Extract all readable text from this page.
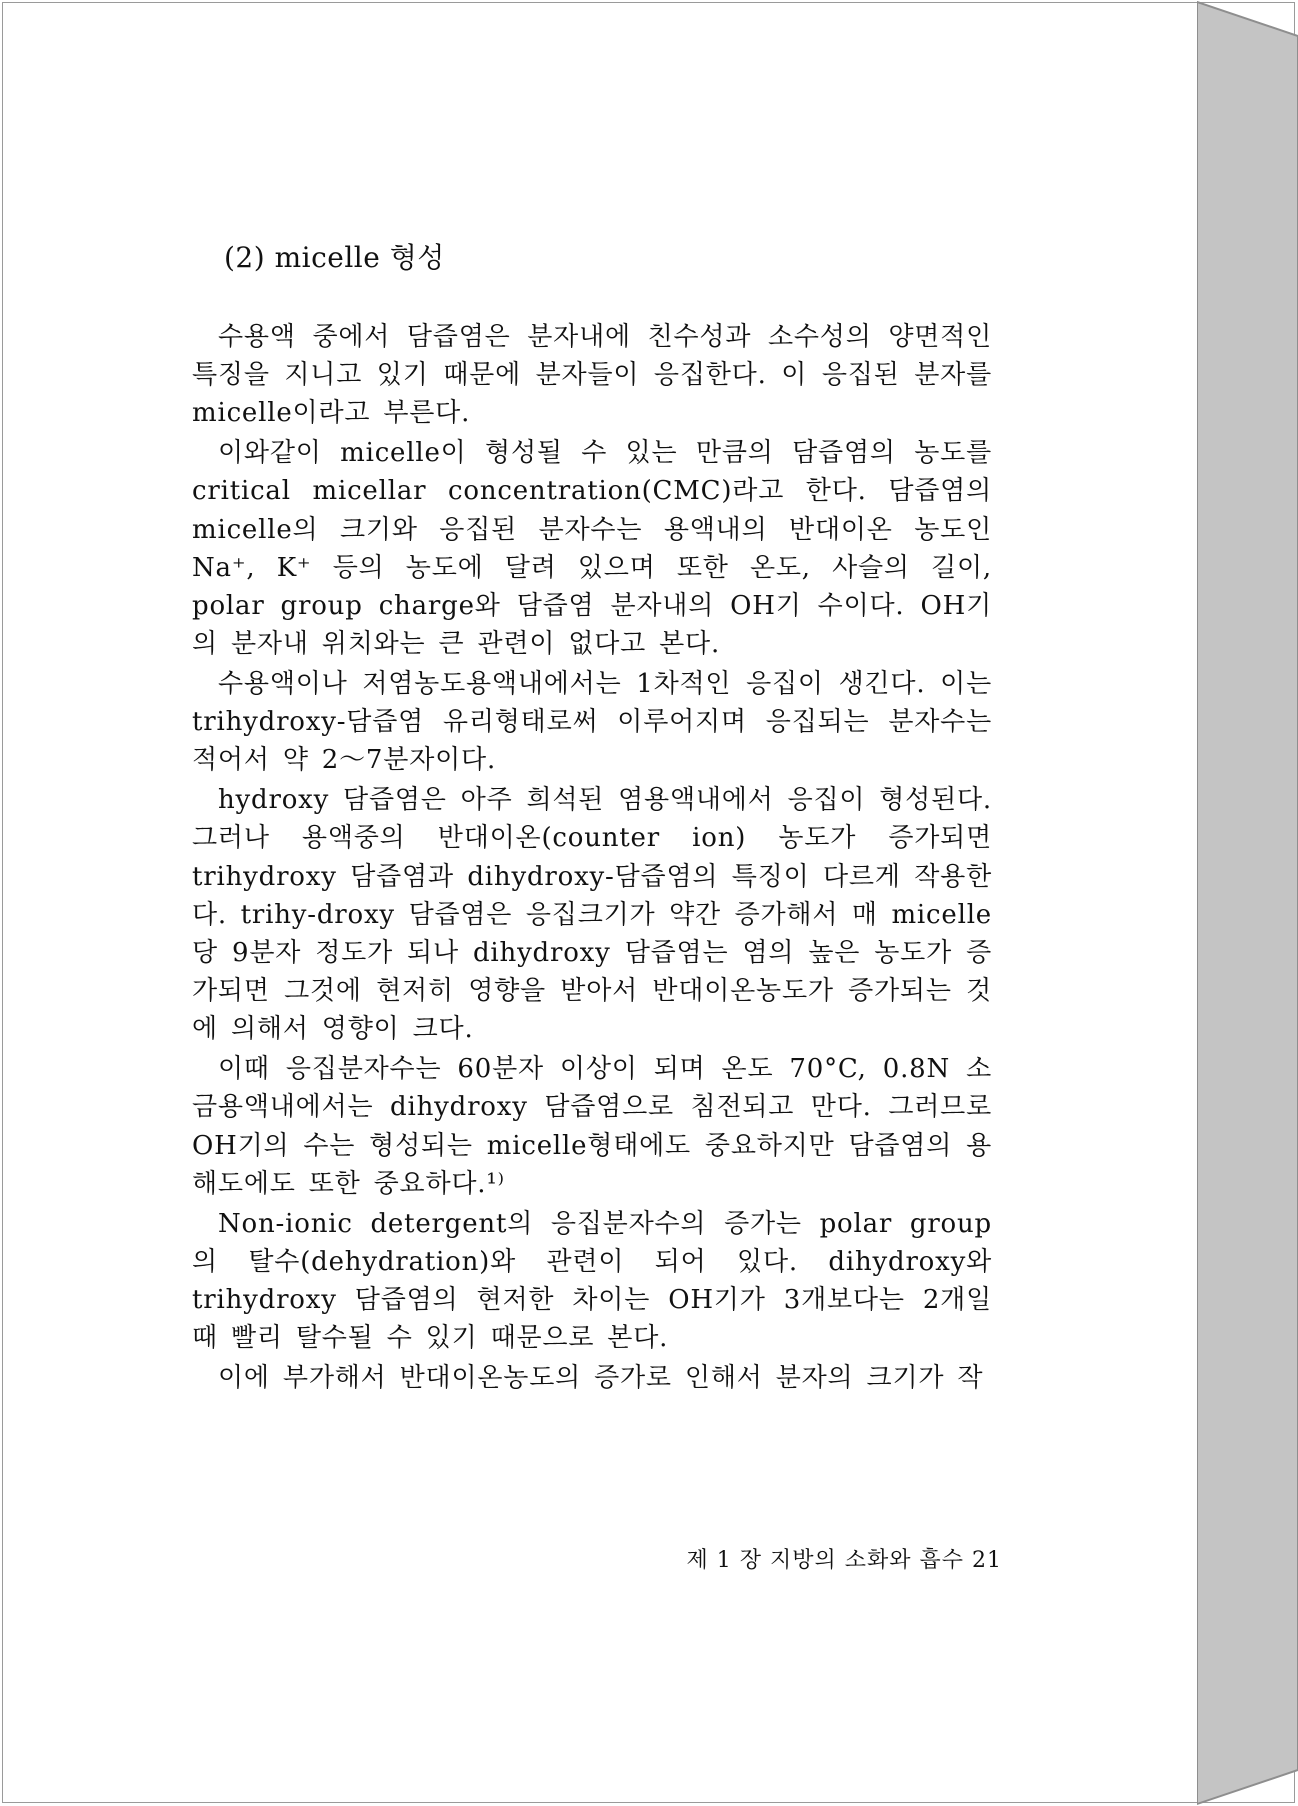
(2) micelle 형성

수용액 중에서 담즙염은 분자내에 친수성과 소수성의 양면적인 특징을 지니고 있기 때문에 분자들이 응집한다. 이 응집된 분자를 micelle이라고 부른다.

이와같이 micelle이 형성될 수 있는 만큼의 담즙염의 농도를 critical micellar concentration(CMC)라고 한다. 담즙염의 micelle의 크기와 응집된 분자수는 용액내의 반대이온 농도인 Na⁺, K⁺ 등의 농도에 달려 있으며 또한 온도, 사슬의 길이, polar group charge와 담즙염 분자내의 OH기 수이다. OH기의 분자내 위치와는 큰 관련이 없다고 본다.

수용액이나 저염농도용액내에서는 1차적인 응집이 생긴다. 이는 trihydroxy-담즙염 유리형태로써 이루어지며 응집되는 분자수는 적어서 약 2～7분자이다.

hydroxy 담즙염은 아주 희석된 염용액내에서 응집이 형성된다. 그러나 용액중의 반대이온(counter ion) 농도가 증가되면 trihydroxy 담즙염과 dihydroxy-담즙염의 특징이 다르게 작용한다. trihy-droxy 담즙염은 응집크기가 약간 증가해서 매 micelle당 9분자 정도가 되나 dihydroxy 담즙염는 염의 높은 농도가 증가되면 그것에 현저히 영향을 받아서 반대이온농도가 증가되는 것에 의해서 영향이 크다.

이때 응집분자수는 60분자 이상이 되며 온도 70°C, 0.8N 소금용액내에서는 dihydroxy 담즙염으로 침전되고 만다. 그러므로 OH기의 수는 형성되는 micelle형태에도 중요하지만 담즙염의 용해도에도 또한 중요하다.¹⁾

Non-ionic detergent의 응집분자수의 증가는 polar group의 탈수(dehydration)와 관련이 되어 있다. dihydroxy와 trihydroxy 담즙염의 현저한 차이는 OH기가 3개보다는 2개일 때 빨리 탈수될 수 있기 때문으로 본다.

이에 부가해서 반대이온농도의 증가로 인해서 분자의 크기가 작

제 1 장 지방의 소화와 흡수 21
